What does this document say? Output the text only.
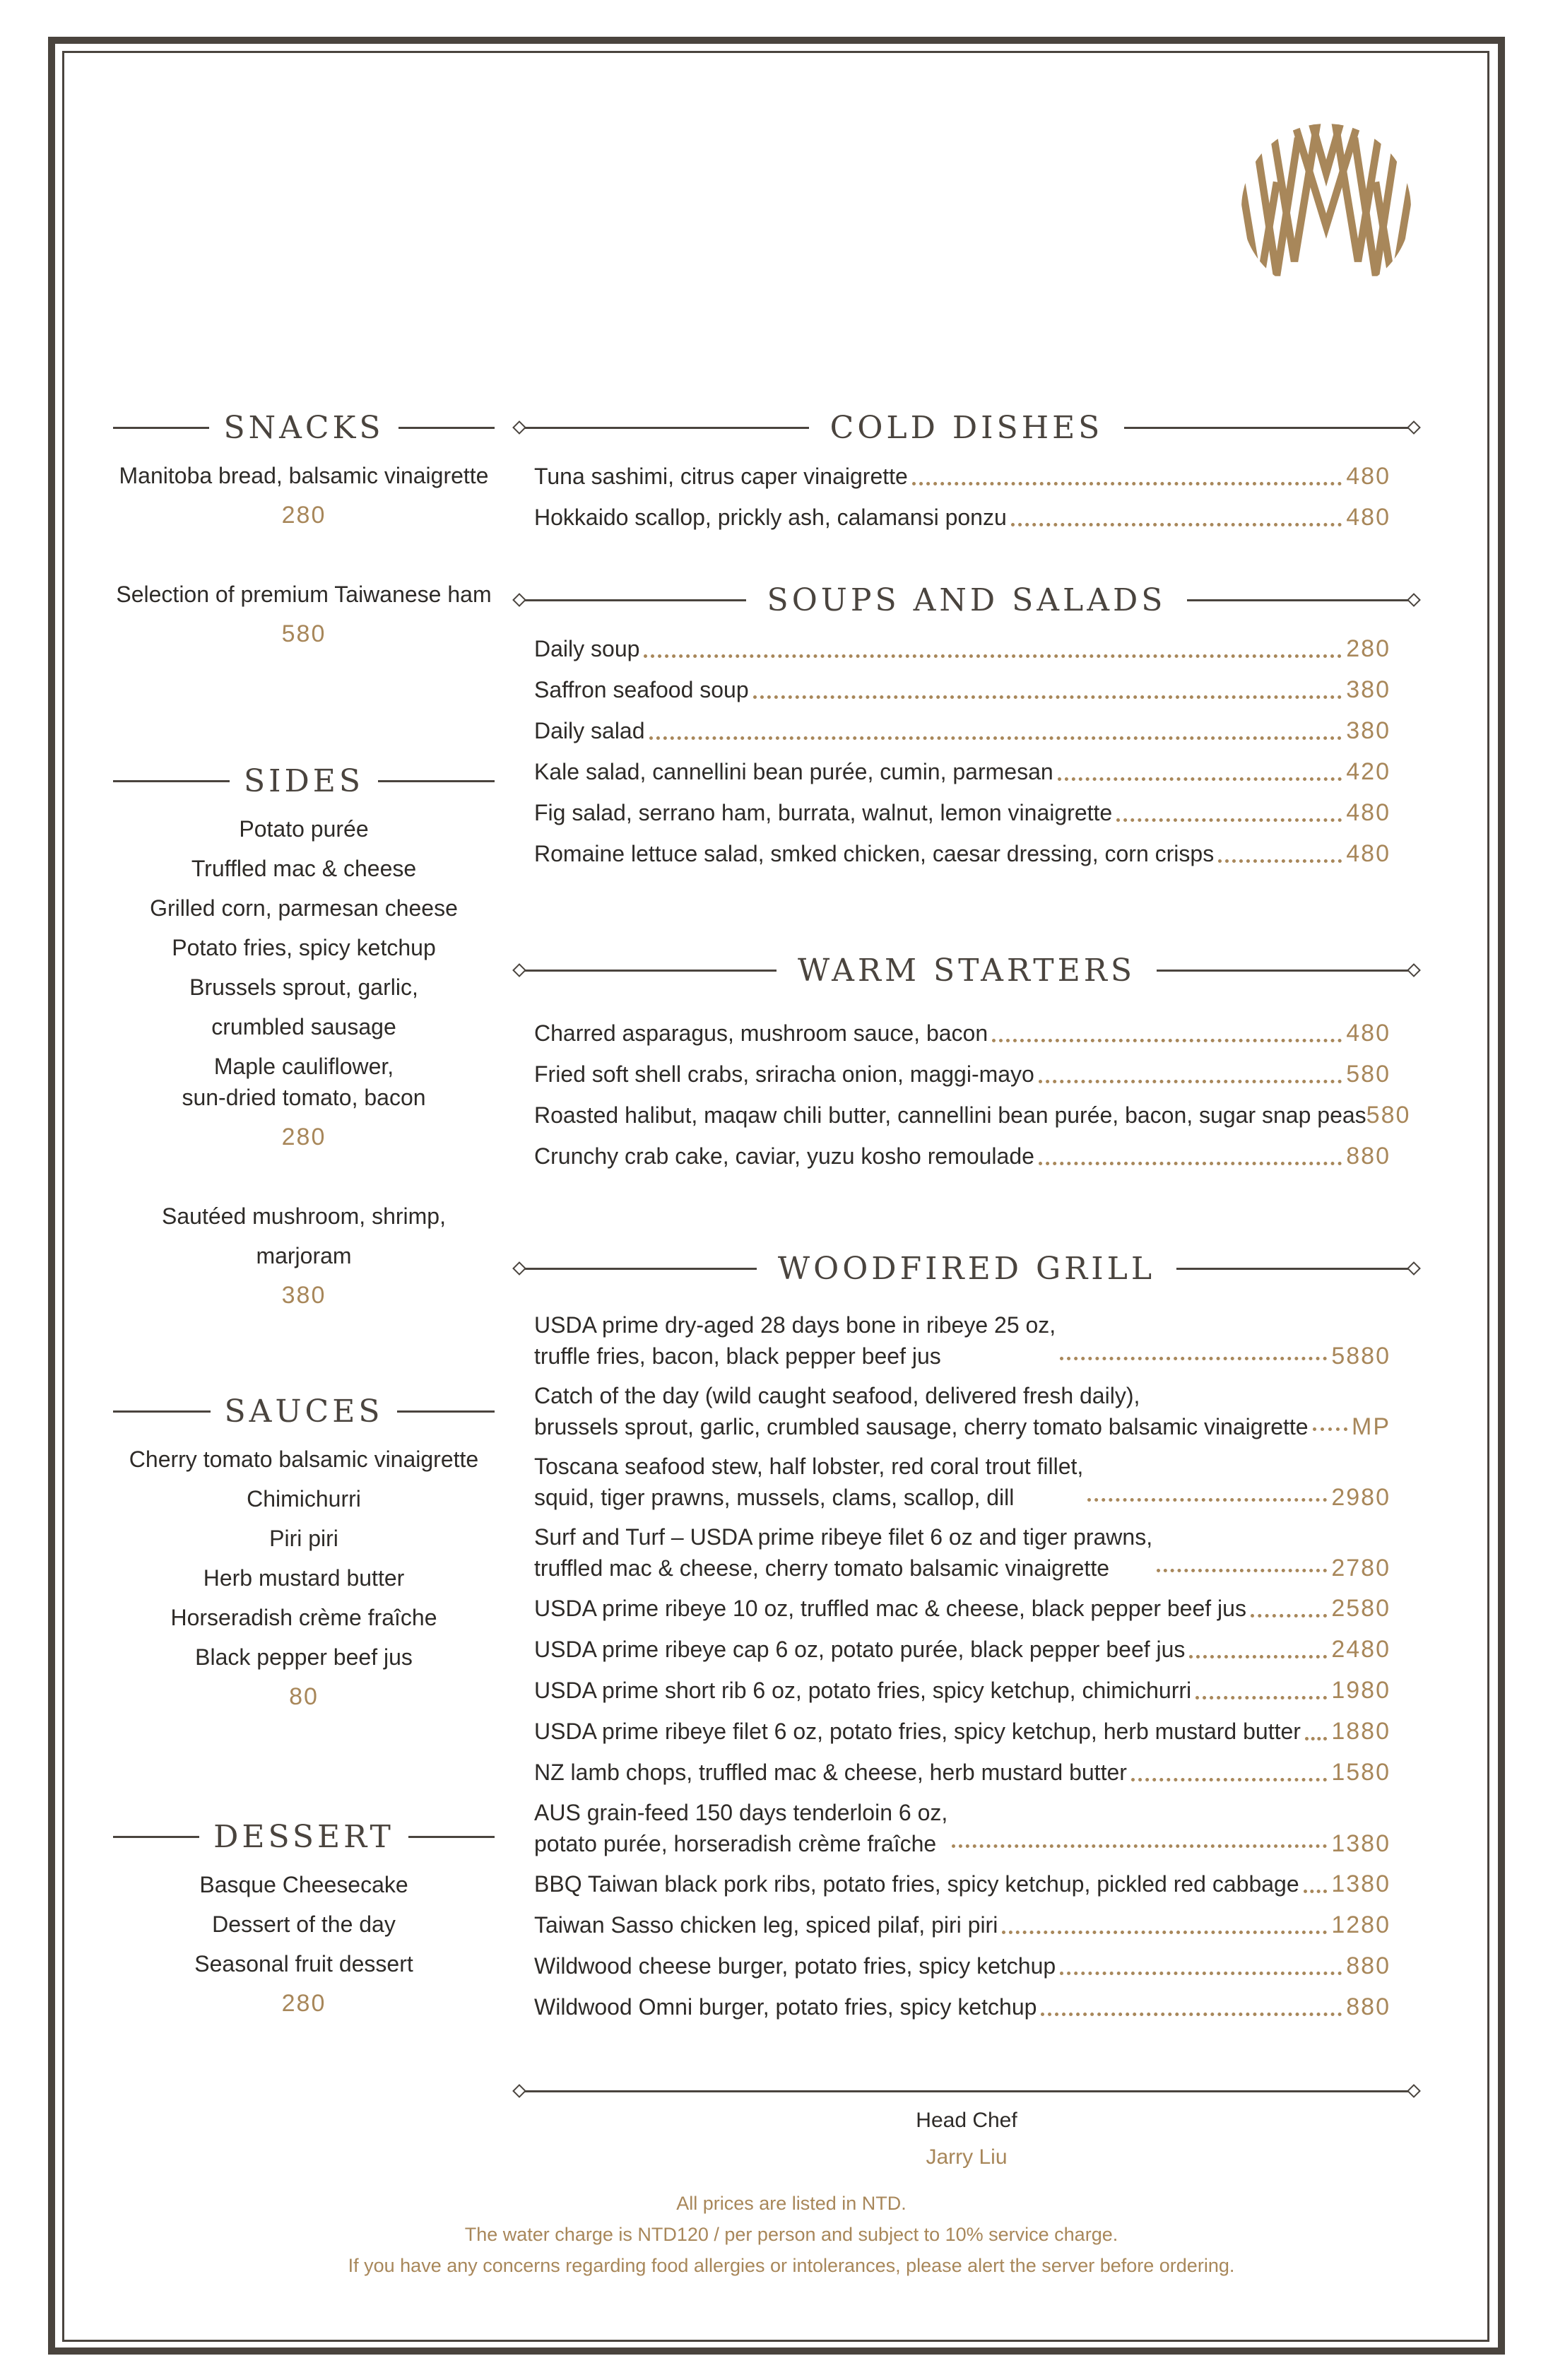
SNACKS
Manitoba bread, balsamic vinaigrette
280
Selection of premium Taiwanese ham
580
SIDES
Potato purée
Truffled mac & cheese
Grilled corn, parmesan cheese
Potato fries, spicy ketchup
Brussels sprout, garlic,
crumbled sausage
Maple cauliflower,
sun-dried tomato, bacon
280
Sautéed mushroom, shrimp, marjoram
380
SAUCES
Cherry tomato balsamic vinaigrette
Chimichurri
Piri piri
Herb mustard butter
Horseradish crème fraîche
Black pepper beef jus
80
DESSERT
Basque Cheesecake
Dessert of the day
Seasonal fruit dessert
280
COLD DISHES
Tuna sashimi, citrus caper vinaigrette	480
Hokkaido scallop, prickly ash, calamansi ponzu	480
SOUPS AND SALADS
Daily soup	280
Saffron seafood soup	380
Daily salad	380
Kale salad, cannellini bean purée, cumin, parmesan	420
Fig salad, serrano ham, burrata, walnut, lemon vinaigrette	480
Romaine lettuce salad, smked chicken, caesar dressing, corn crisps	480
WARM STARTERS
Charred asparagus, mushroom sauce, bacon	480
Fried soft shell crabs, sriracha onion, maggi-mayo	580
Roasted halibut, maqaw chili butter, cannellini bean purée, bacon, sugar snap peas 580
Crunchy crab cake, caviar, yuzu kosho remoulade	880
WOODFIRED GRILL
USDA prime dry-aged 28 days bone in ribeye 25 oz,
truffle fries, bacon, black pepper beef jus	5880
Catch of the day (wild caught seafood, delivered fresh daily),
brussels sprout, garlic, crumbled sausage, cherry tomato balsamic vinaigrette MP
Toscana seafood stew, half lobster, red coral trout fillet,
squid, tiger prawns, mussels, clams, scallop, dill	2980
Surf and Turf – USDA prime ribeye filet 6 oz and tiger prawns,
truffled mac & cheese, cherry tomato balsamic vinaigrette	2780
USDA prime ribeye 10 oz, truffled mac & cheese, black pepper beef jus	2580
USDA prime ribeye cap 6 oz, potato purée, black pepper beef jus	2480
USDA prime short rib 6 oz, potato fries, spicy ketchup, chimichurri	1980
USDA prime ribeye filet 6 oz, potato fries, spicy ketchup, herb mustard butter 1880
NZ lamb chops, truffled mac & cheese, herb mustard butter	1580
AUS grain-feed 150 days tenderloin 6 oz,
potato purée, horseradish crème fraîche	1380
BBQ Taiwan black pork ribs, potato fries, spicy ketchup, pickled red cabbage 1380
Taiwan Sasso chicken leg, spiced pilaf, piri piri	1280
Wildwood cheese burger, potato fries, spicy ketchup	880
Wildwood Omni burger, potato fries, spicy ketchup	880
Head Chef
Jarry Liu
All prices are listed in NTD.
The water charge is NTD120 / per person and subject to 10% service charge.
If you have any concerns regarding food allergies or intolerances, please alert the server before ordering.
